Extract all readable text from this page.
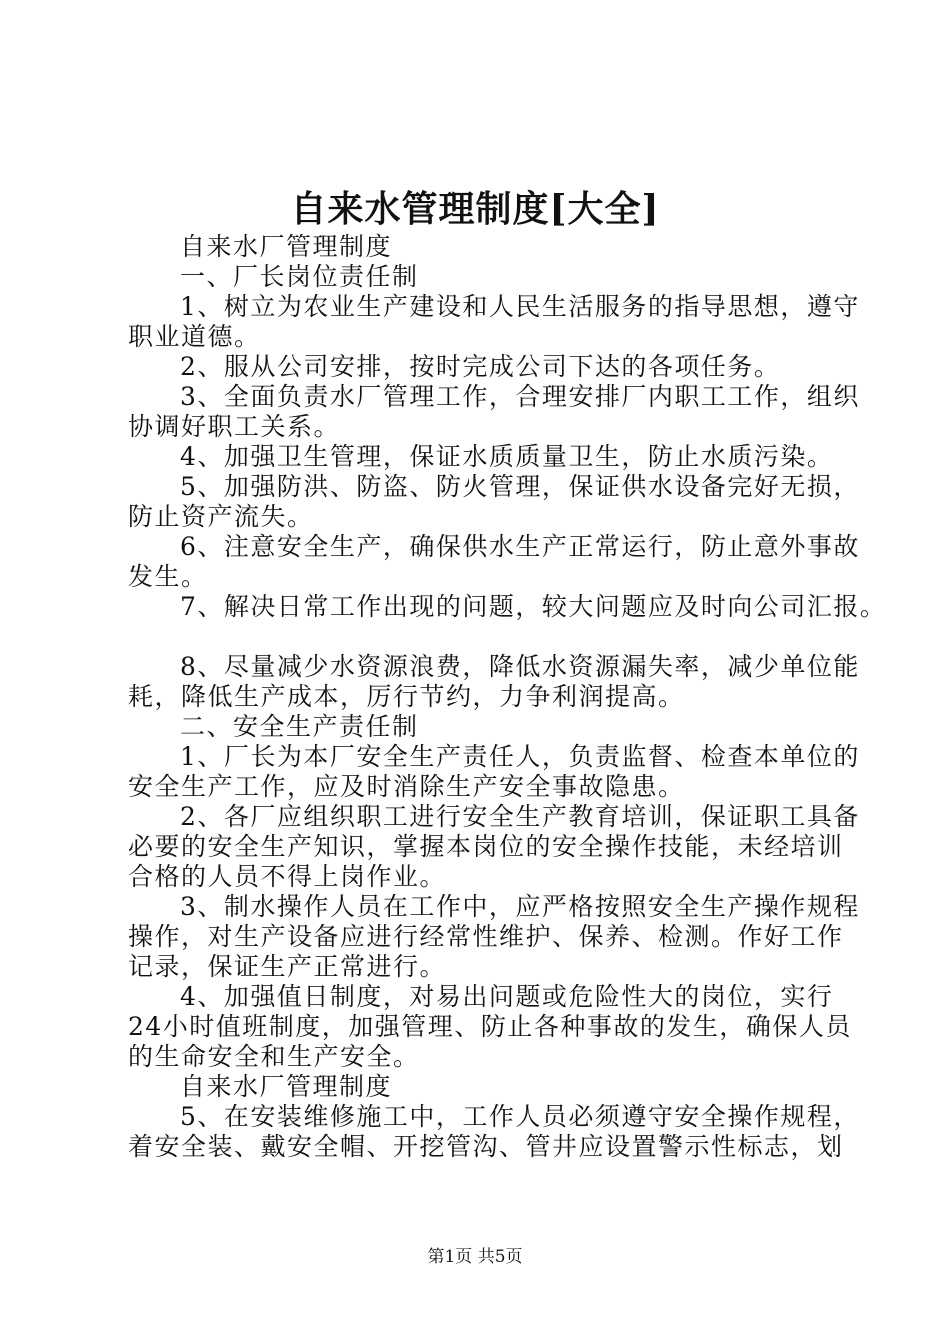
自来水管理制度[大全]

自来水厂管理制度

一、厂长岗位责任制

1、树立为农业生产建设和人民生活服务的指导思想，遵守
职业道德。

2、服从公司安排，按时完成公司下达的各项任务。

3、全面负责水厂管理工作，合理安排厂内职工工作，组织
协调好职工关系。

4、加强卫生管理，保证水质质量卫生，防止水质污染。

5、加强防洪、防盗、防火管理，保证供水设备完好无损，
防止资产流失。

6、注意安全生产，确保供水生产正常运行，防止意外事故
发生。

7、解决日常工作出现的问题，较大问题应及时向公司汇报。

8、尽量减少水资源浪费，降低水资源漏失率，减少单位能
耗，降低生产成本，厉行节约，力争利润提高。

二、安全生产责任制

1、厂长为本厂安全生产责任人，负责监督、检查本单位的
安全生产工作，应及时消除生产安全事故隐患。

2、各厂应组织职工进行安全生产教育培训，保证职工具备
必要的安全生产知识，掌握本岗位的安全操作技能，未经培训
合格的人员不得上岗作业。

3、制水操作人员在工作中，应严格按照安全生产操作规程
操作，对生产设备应进行经常性维护、保养、检测。作好工作
记录，保证生产正常进行。

4、加强值日制度，对易出问题或危险性大的岗位，实行
24小时值班制度，加强管理、防止各种事故的发生，确保人员
的生命安全和生产安全。

自来水厂管理制度

5、在安装维修施工中，工作人员必须遵守安全操作规程，
着安全装、戴安全帽、开挖管沟、管井应设置警示性标志，划

第1页 共5页
